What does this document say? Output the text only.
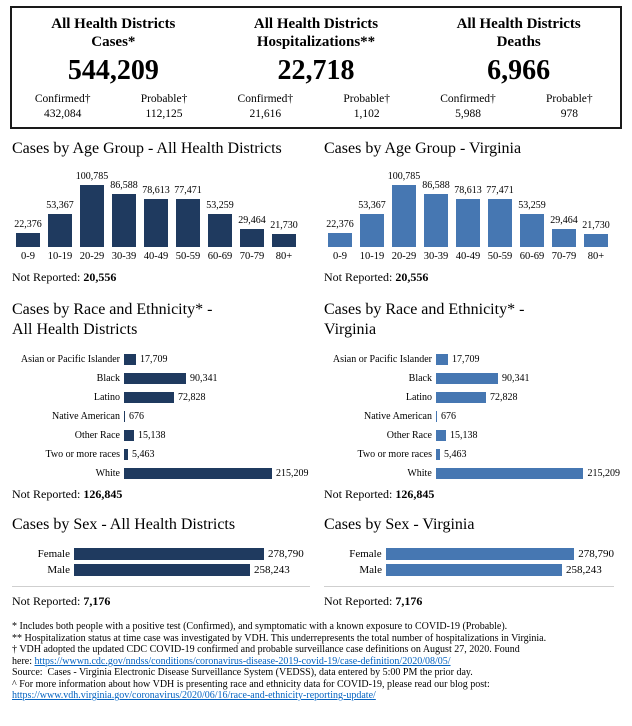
All Health Districts
Cases*
544,209
Confirmed†
432,084
Probable†
112,125
All Health Districts
Hospitalizations**
22,718
Confirmed†
21,616
Probable†
1,102
All Health Districts
Deaths
6,966
Confirmed†
5,988
Probable†
978
Cases by Age Group - All Health Districts
22,376
0-9
53,367
10-19
100,785
20-29
86,588
30-39
78,613
40-49
77,471
50-59
53,259
60-69
29,464
70-79
21,730
80+

Not Reported: 20,556

Cases by Age Group - Virginia
22,376
0-9
53,367
10-19
100,785
20-29
86,588
30-39
78,613
40-49
77,471
50-59
53,259
60-69
29,464
70-79
21,730
80+

Not Reported: 20,556

Cases by Race and Ethnicity* -
All Health Districts
Asian or Pacific Islander	17,709
Black	90,341
Latino	72,828
Native American 676
Other Race	15,138
Two or more races	5,463
White	215,209

Not Reported: 126,845

Cases by Race and Ethnicity* -
Virginia
Asian or Pacific Islander	17,709
Black	90,341
Latino	72,828
Native American 676
Other Race	15,138
Two or more races	5,463
White	215,209

Not Reported: 126,845

Cases by Sex - All Health Districts
Female	278,790
Male	258,243

Not Reported: 7,176

Cases by Sex - Virginia
Female	278,790
Male	258,243

Not Reported: 7,176

* Includes both people with a positive test (Confirmed), and symptomatic with a known exposure to COVID-19 (Probable).

** Hospitalization status at time case was investigated by VDH. This underrepresents the total number of hospitalizations in Virginia.

† VDH adopted the updated CDC COVID-19 confirmed and probable surveillance case definitions on August 27, 2020. Found
here: https://wwwn.cdc.gov/nndss/conditions/coronavirus-disease-2019-covid-19/case-definition/2020/08/05/

Source:  Cases - Virginia Electronic Disease Surveillance System (VEDSS), data entered by 5:00 PM the prior day.

^ For more information about how VDH is presenting race and ethnicity data for COVID-19, please read our blog post:
https://www.vdh.virginia.gov/coronavirus/2020/06/16/race-and-ethnicity-reporting-update/
